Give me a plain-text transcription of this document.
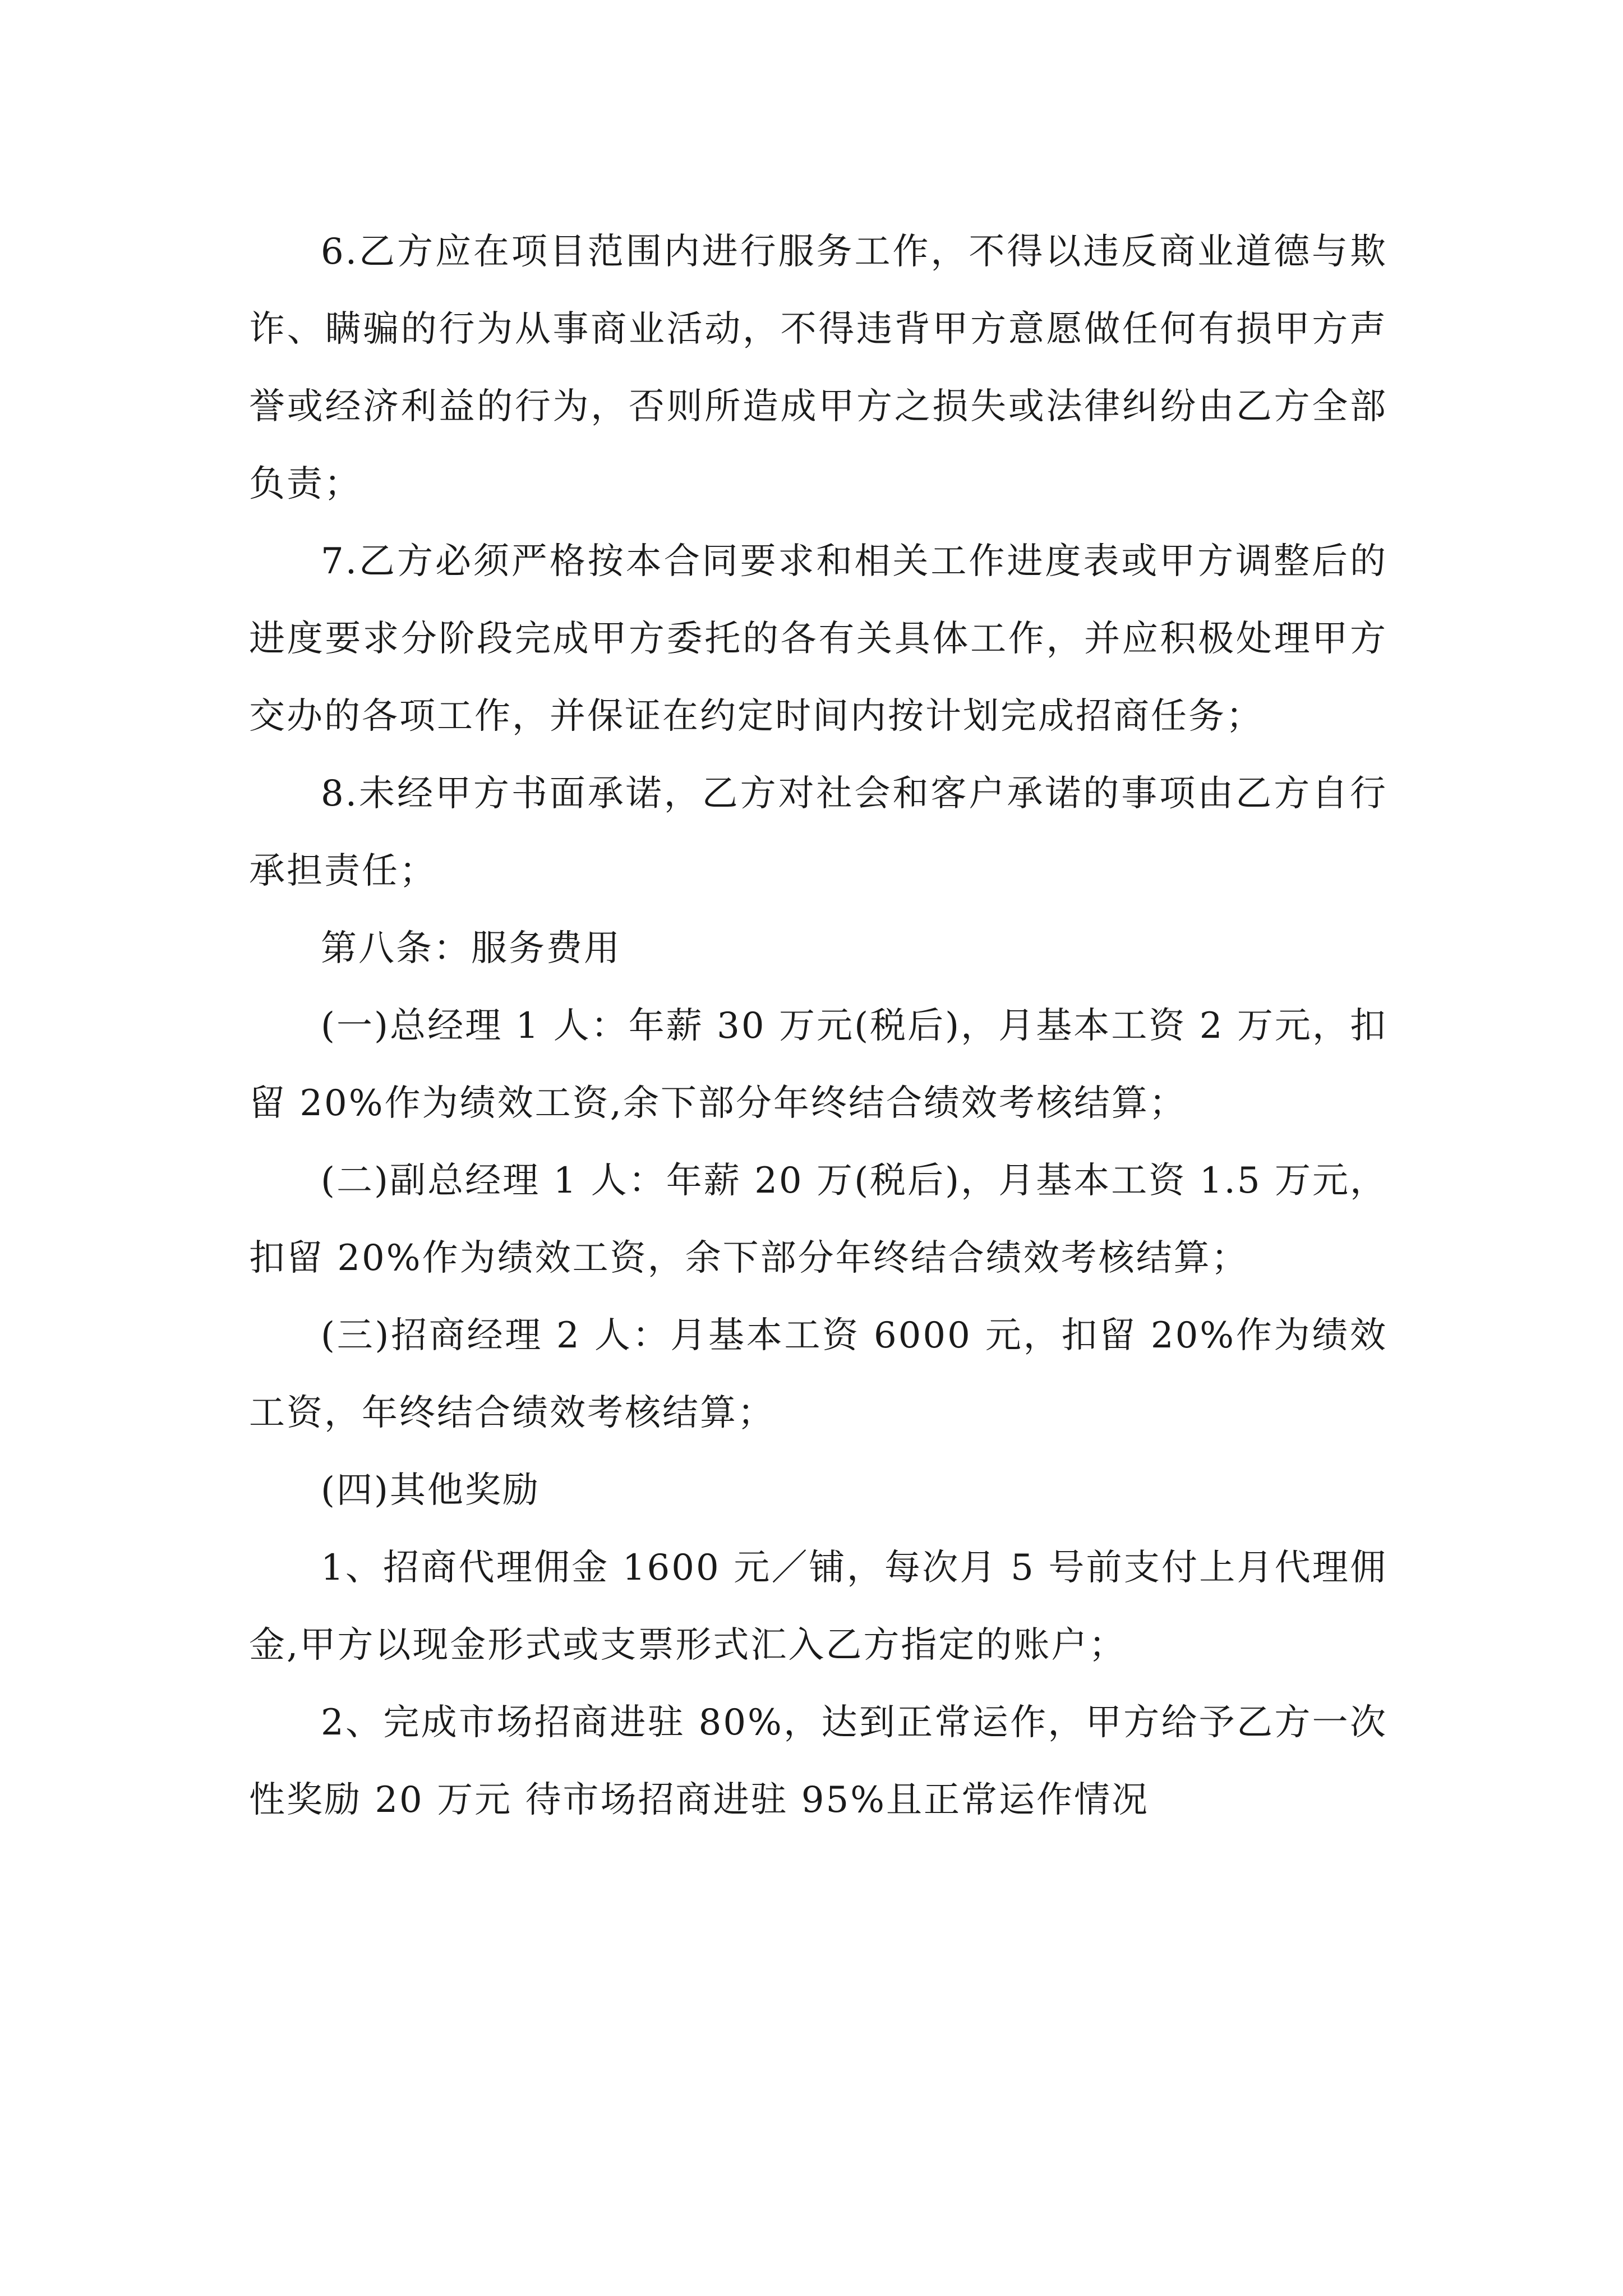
6.乙方应在项目范围内进行服务工作，不得以违反商业道德与欺诈、瞒骗的行为从事商业活动，不得违背甲方意愿做任何有损甲方声誉或经济利益的行为，否则所造成甲方之损失或法律纠纷由乙方全部负责；

7.乙方必须严格按本合同要求和相关工作进度表或甲方调整后的进度要求分阶段完成甲方委托的各有关具体工作，并应积极处理甲方交办的各项工作，并保证在约定时间内按计划完成招商任务；

8.未经甲方书面承诺，乙方对社会和客户承诺的事项由乙方自行承担责任；

第八条：服务费用

(一)总经理 1 人：年薪 30 万元(税后)，月基本工资 2 万元，扣留 20%作为绩效工资,余下部分年终结合绩效考核结算；

(二)副总经理 1 人：年薪 20 万(税后)，月基本工资 1.5 万元，扣留 20%作为绩效工资，余下部分年终结合绩效考核结算；

(三)招商经理 2 人：月基本工资 6000 元，扣留 20%作为绩效工资，年终结合绩效考核结算；

(四)其他奖励

1、招商代理佣金 1600 元／铺，每次月 5 号前支付上月代理佣金,甲方以现金形式或支票形式汇入乙方指定的账户；

2、完成市场招商进驻 80%，达到正常运作，甲方给予乙方一次性奖励 20 万元 待市场招商进驻 95%且正常运作情况
